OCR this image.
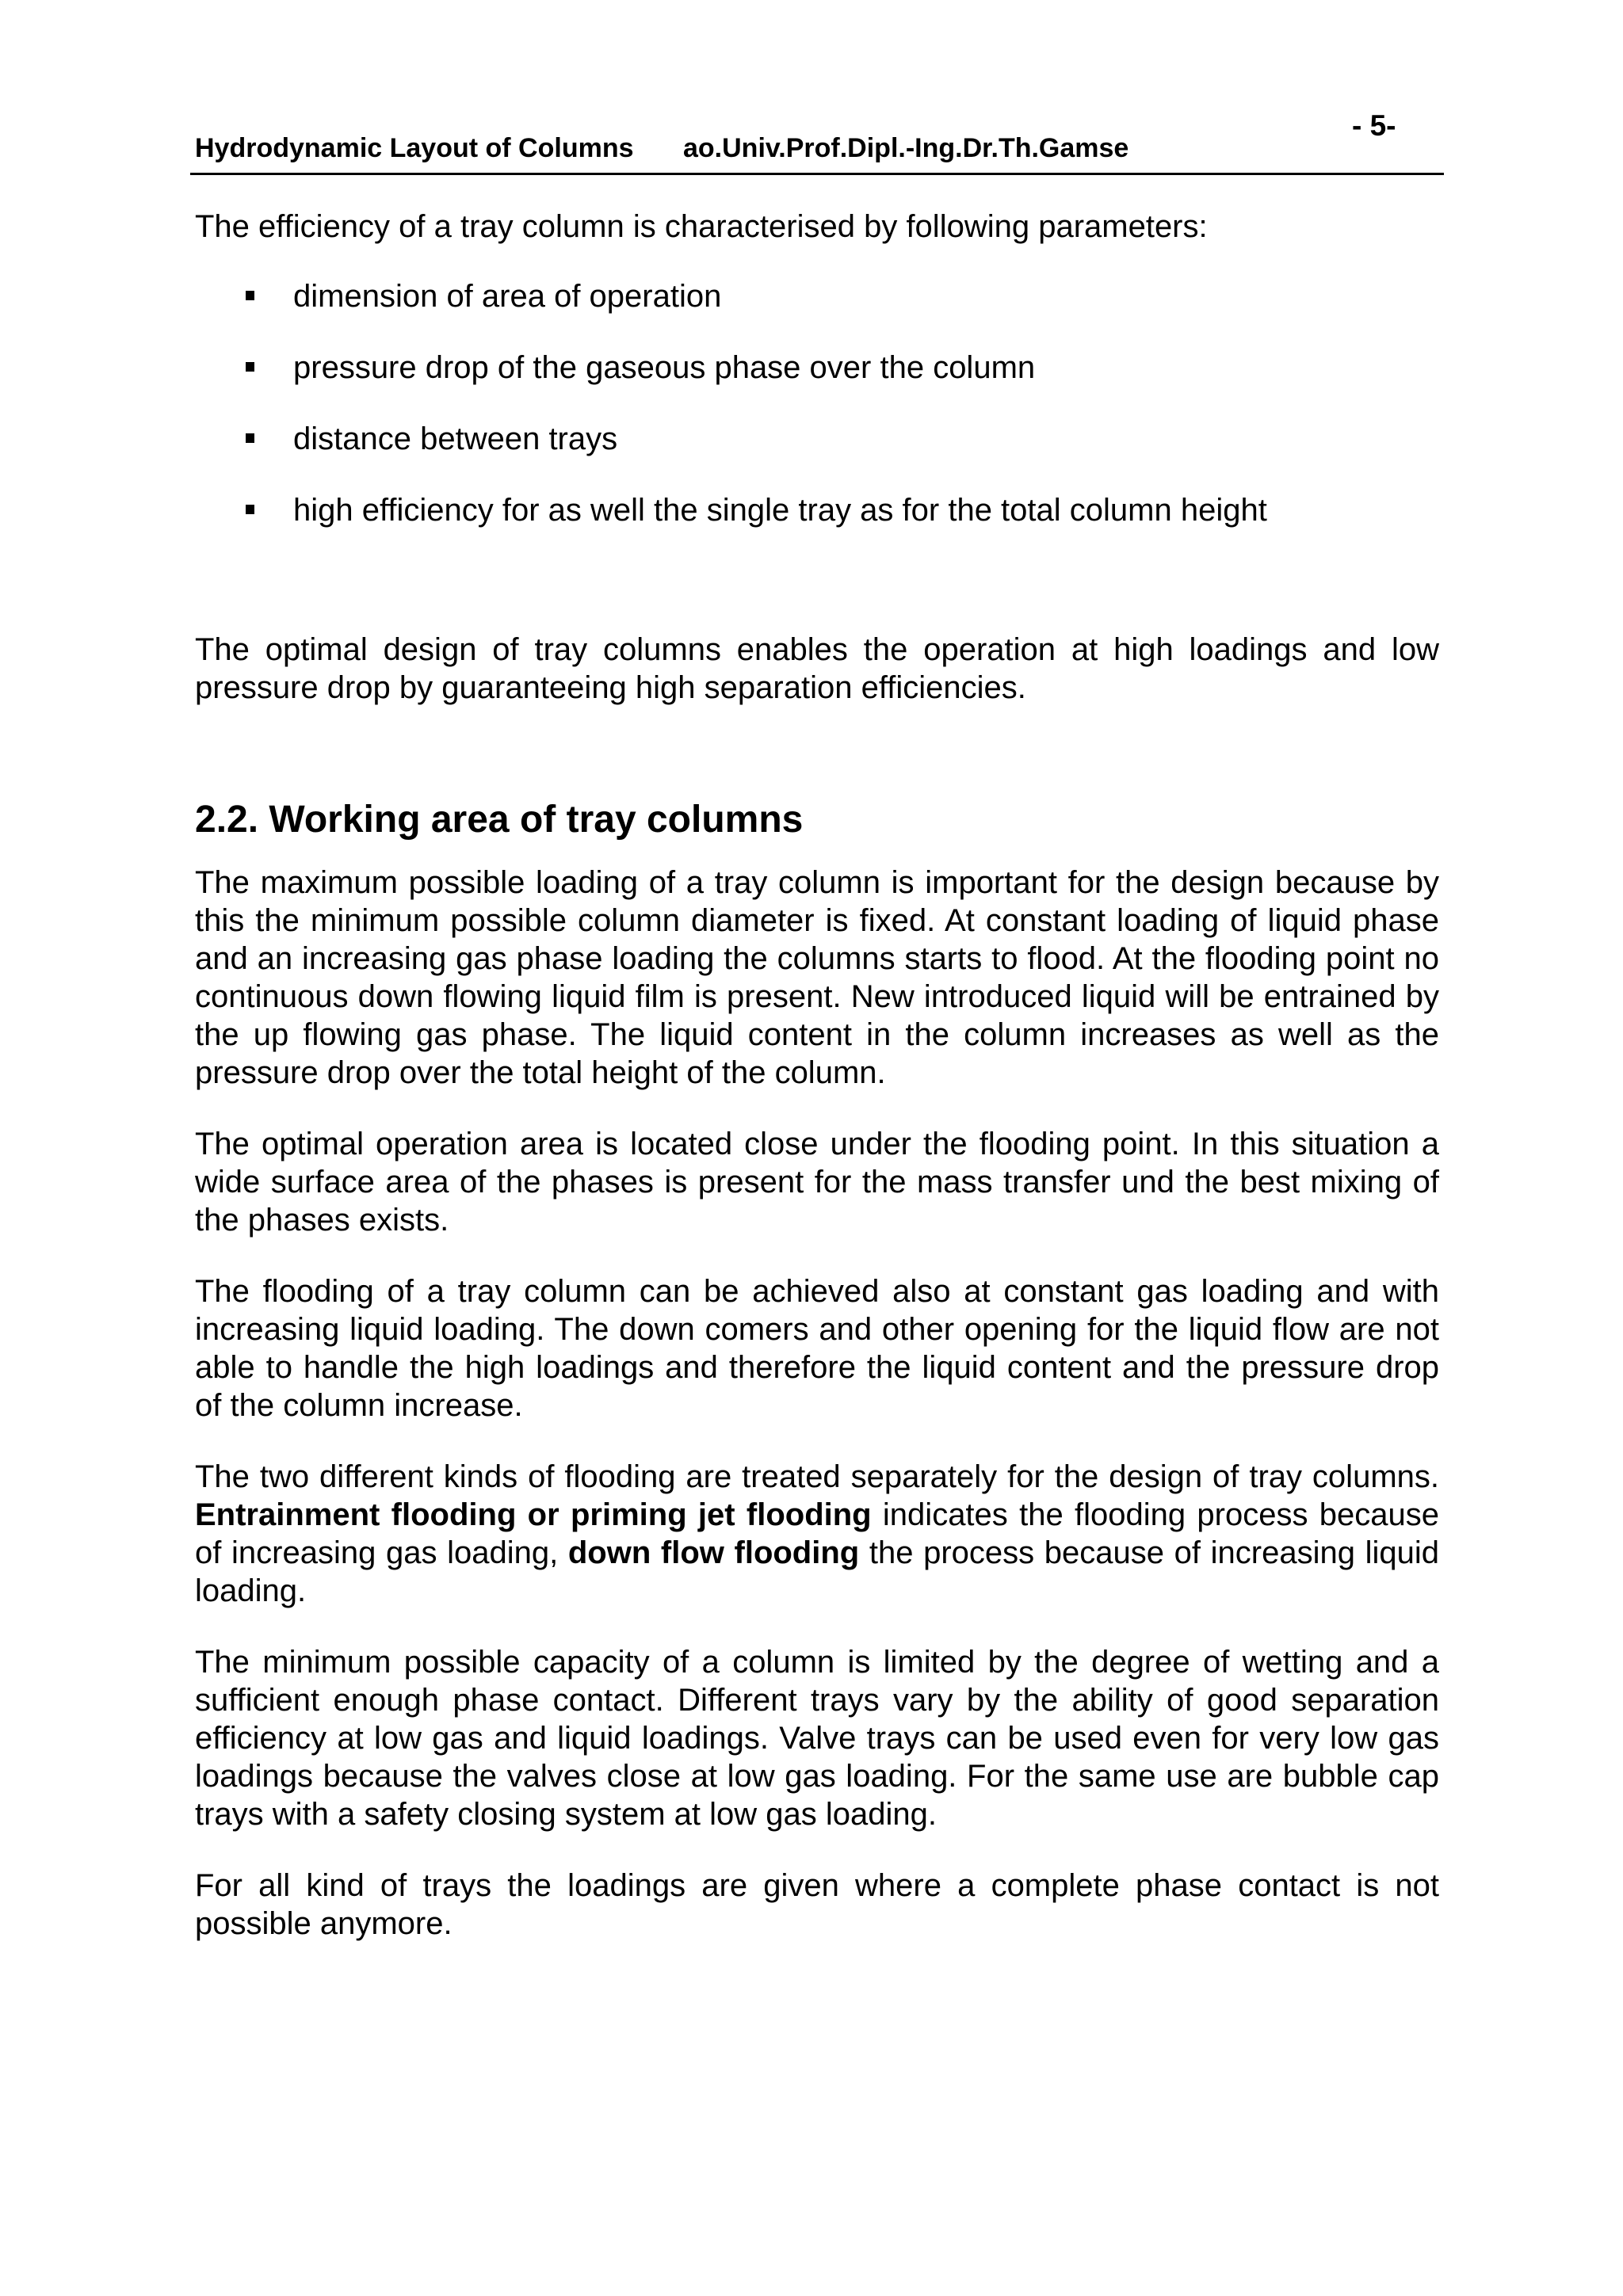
Hydrodynamic Layout of Columns ao.Univ.Prof.Dipl.-Ing.Dr.Th.Gamse
- 5-

The efficiency of a tray column is characterised by following parameters:

dimension of area of operation
pressure drop of the gaseous phase over the column
distance between trays
high efficiency for as well the single tray as for the total column height

The optimal design of tray columns enables the operation at high loadings and low pressure drop by guaranteeing high separation efficiencies.

2.2. Working area of tray columns

The maximum possible loading of a tray column is important for the design because by this the minimum possible column diameter is fixed. At constant loading of liquid phase and an increasing gas phase loading the columns starts to flood. At the flooding point no continuous down flowing liquid film is present. New introduced liquid will be entrained by the up flowing gas phase. The liquid content in the column increases as well as the pressure drop over the total height of the column.

The optimal operation area is located close under the flooding point. In this situation a wide surface area of the phases is present for the mass transfer und the best mixing of the phases exists.

The flooding of a tray column can be achieved also at constant gas loading and with increasing liquid loading. The down comers and other opening for the liquid flow are not able to handle the high loadings and therefore the liquid content and the pressure drop of the column increase.

The two different kinds of flooding are treated separately for the design of tray columns. Entrainment flooding or priming jet flooding indicates the flooding process because of increasing gas loading, down flow flooding the process because of increasing liquid loading.

The minimum possible capacity of a column is limited by the degree of wetting and a sufficient enough phase contact. Different trays vary by the ability of good separation efficiency at low gas and liquid loadings. Valve trays can be used even for very low gas loadings because the valves close at low gas loading. For the same use are bubble cap trays with a safety closing system at low gas loading.

For all kind of trays the loadings are given where a complete phase contact is not possible anymore.
